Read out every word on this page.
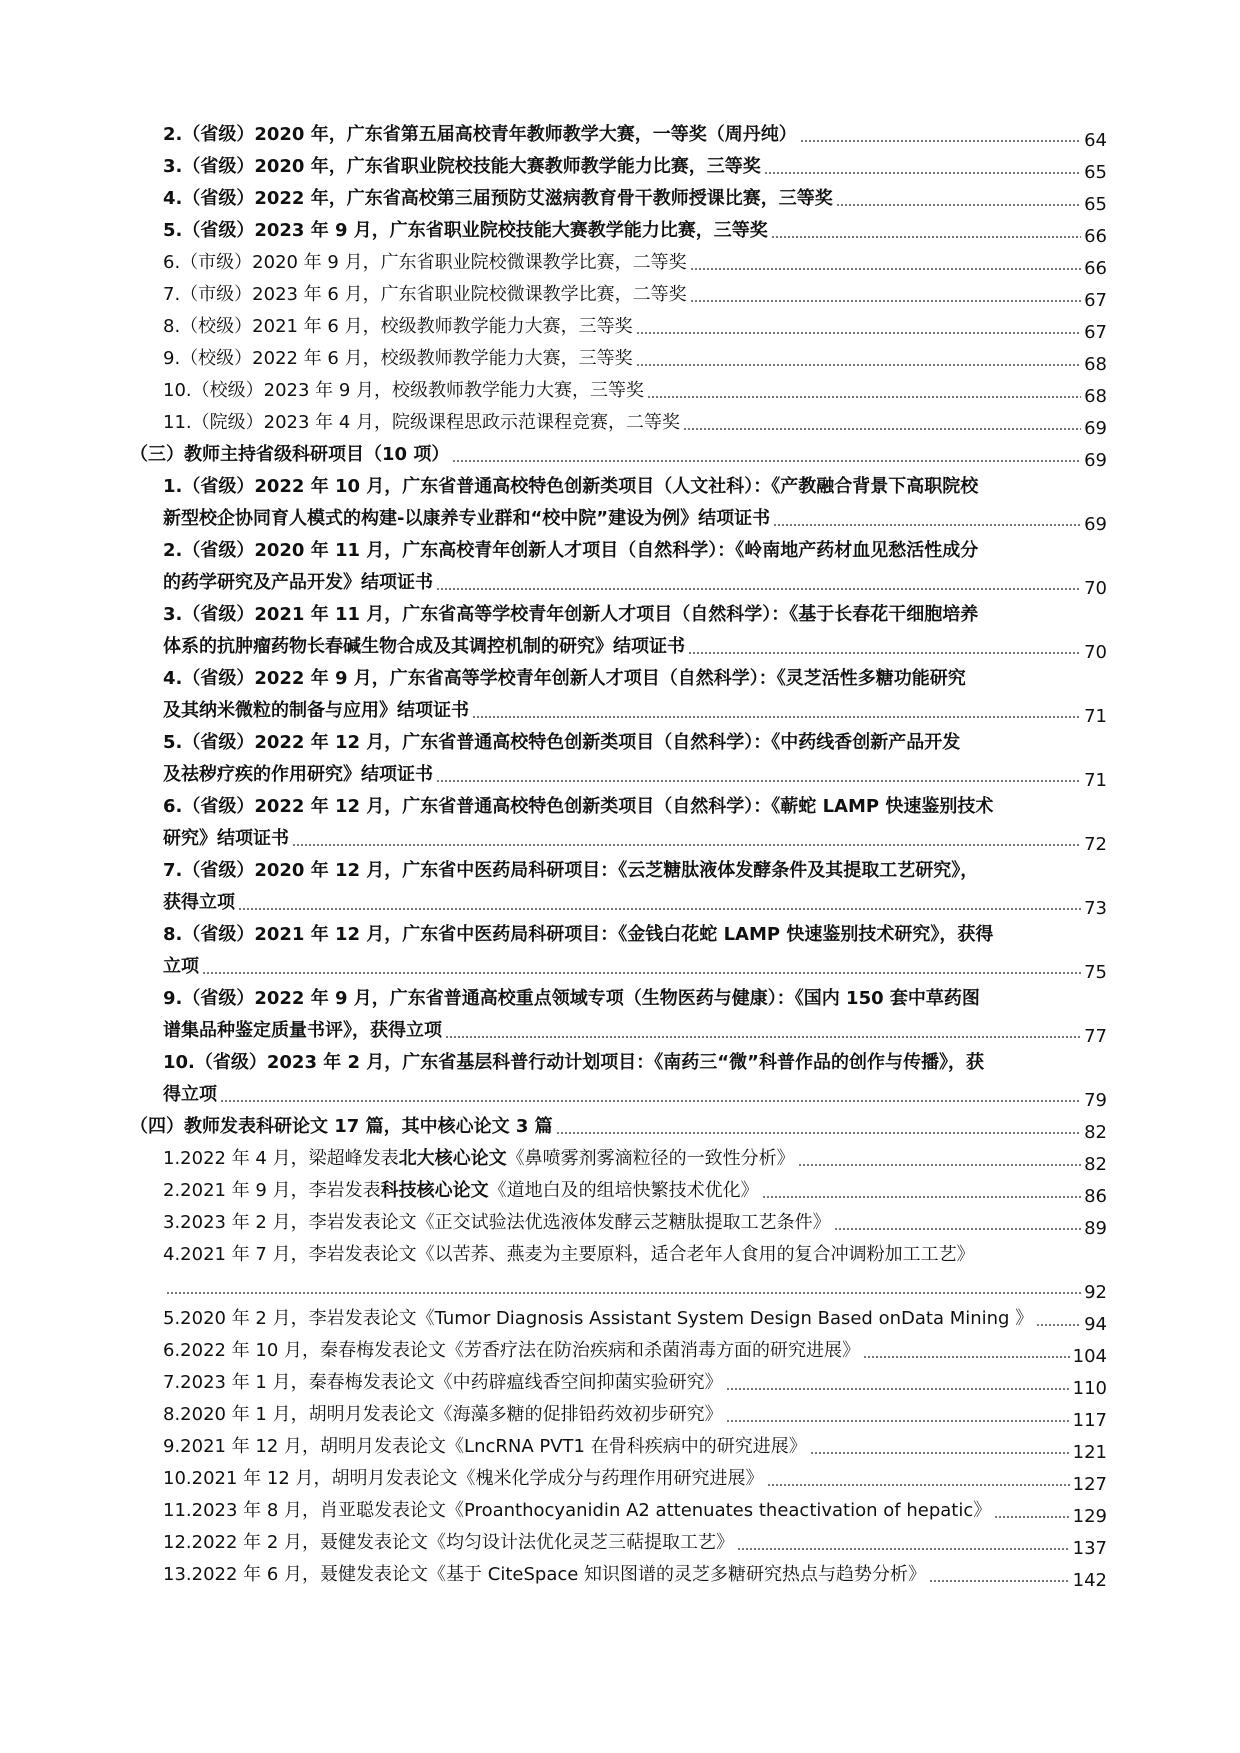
2.（省级）2020 年，广东省第五届高校青年教师教学大赛，一等奖（周丹纯）	64
3.（省级）2020 年，广东省职业院校技能大赛教师教学能力比赛，三等奖	65
4.（省级）2022 年，广东省高校第三届预防艾滋病教育骨干教师授课比赛，三等奖	65
5.（省级）2023 年 9 月，广东省职业院校技能大赛教学能力比赛，三等奖	66
6.（市级）2020 年 9 月，广东省职业院校微课教学比赛，二等奖	66
7.（市级）2023 年 6 月，广东省职业院校微课教学比赛，二等奖	67
8.（校级）2021 年 6 月，校级教师教学能力大赛，三等奖	67
9.（校级）2022 年 6 月，校级教师教学能力大赛，三等奖	68
10.（校级）2023 年 9 月，校级教师教学能力大赛，三等奖	68
11.（院级）2023 年 4 月，院级课程思政示范课程竞赛，二等奖	69
（三）教师主持省级科研项目（10 项）	69
1.（省级）2022 年 10 月，广东省普通高校特色创新类项目（人文社科）：《产教融合背景下高职院校
新型校企协同育人模式的构建-以康养专业群和“校中院”建设为例》结项证书	69
2.（省级）2020 年 11 月，广东高校青年创新人才项目（自然科学）：《岭南地产药材血见愁活性成分
的药学研究及产品开发》结项证书	70
3.（省级）2021 年 11 月，广东省高等学校青年创新人才项目（自然科学）：《基于长春花干细胞培养
体系的抗肿瘤药物长春碱生物合成及其调控机制的研究》结项证书	70
4.（省级）2022 年 9 月，广东省高等学校青年创新人才项目（自然科学）：《灵芝活性多糖功能研究
及其纳米微粒的制备与应用》结项证书	71
5.（省级）2022 年 12 月，广东省普通高校特色创新类项目（自然科学）：《中药线香创新产品开发
及祛秽疗疾的作用研究》结项证书	71
6.（省级）2022 年 12 月，广东省普通高校特色创新类项目（自然科学）：《蕲蛇 LAMP 快速鉴别技术
研究》结项证书	72
7.（省级）2020 年 12 月，广东省中医药局科研项目：《云芝糖肽液体发酵条件及其提取工艺研究》，
获得立项	73
8.（省级）2021 年 12 月，广东省中医药局科研项目：《金钱白花蛇 LAMP 快速鉴别技术研究》，获得
立项	75
9.（省级）2022 年 9 月，广东省普通高校重点领域专项（生物医药与健康）：《国内 150 套中草药图
谱集品种鉴定质量书评》，获得立项	77
10.（省级）2023 年 2 月，广东省基层科普行动计划项目：《南药三“微”科普作品的创作与传播》，获
得立项	79
（四）教师发表科研论文 17 篇，其中核心论文 3 篇	82
1.2022 年 4 月，梁超峰发表北大核心论文《鼻喷雾剂雾滴粒径的一致性分析》	82
2.2021 年 9 月，李岩发表科技核心论文《道地白及的组培快繁技术优化》	86
3.2023 年 2 月，李岩发表论文《正交试验法优选液体发酵云芝糖肽提取工艺条件》	89
4.2021 年 7 月，李岩发表论文《以苦荞、燕麦为主要原料，适合老年人食用的复合冲调粉加工工艺》
92
5.2020 年 2 月，李岩发表论文《Tumor Diagnosis Assistant System Design Based onData Mining 》	94
6.2022 年 10 月，秦春梅发表论文《芳香疗法在防治疾病和杀菌消毒方面的研究进展》	104
7.2023 年 1 月，秦春梅发表论文《中药辟瘟线香空间抑菌实验研究》	110
8.2020 年 1 月，胡明月发表论文《海藻多糖的促排铅药效初步研究》	117
9.2021 年 12 月，胡明月发表论文《LncRNA PVT1 在骨科疾病中的研究进展》	121
10.2021 年 12 月，胡明月发表论文《槐米化学成分与药理作用研究进展》	127
11.2023 年 8 月，肖亚聪发表论文《Proanthocyanidin A2 attenuates theactivation of hepatic》	129
12.2022 年 2 月，聂健发表论文《均匀设计法优化灵芝三萜提取工艺》	137
13.2022 年 6 月，聂健发表论文《基于 CiteSpace 知识图谱的灵芝多糖研究热点与趋势分析》	142
